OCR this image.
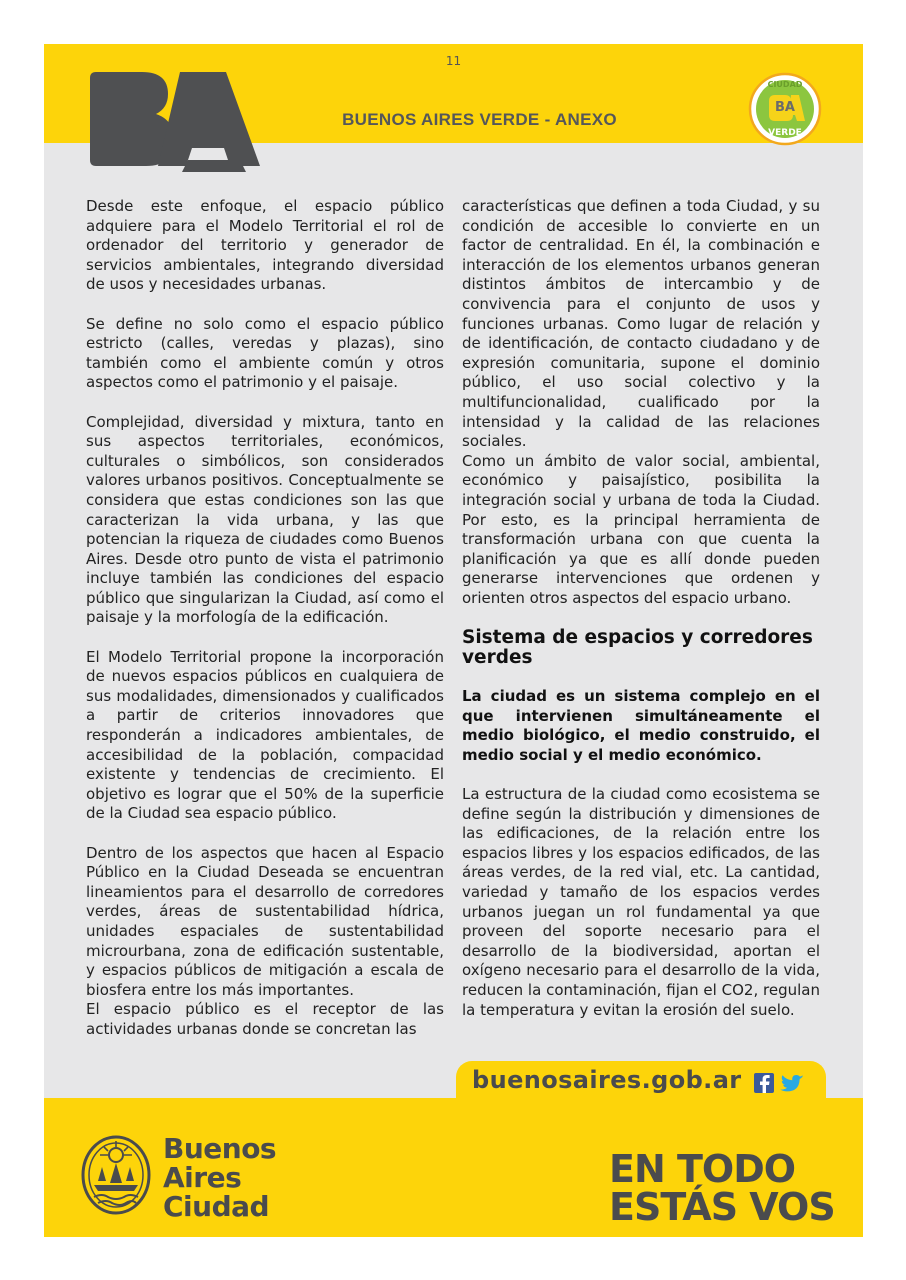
11
BUENOS AIRES VERDE - ANEXO
CIUDAD
BA
VERDE

Desde este enfoque, el espacio público adquiere para el Modelo Territorial el rol de ordenador del territorio y generador de servicios ambientales, integrando diversidad de usos y necesidades urbanas.

Se define no solo como el espacio público estricto (calles, veredas y plazas), sino también como el ambiente común y otros aspectos como el patrimonio y el paisaje.

Complejidad, diversidad y mixtura, tanto en sus aspectos territoriales, económicos, culturales o simbólicos, son considerados valores urbanos positivos. Conceptualmente se considera que estas condiciones son las que caracterizan la vida urbana, y las que potencian la riqueza de ciudades como Buenos Aires. Desde otro punto de vista el patrimonio incluye también las condiciones del espacio público que singularizan la Ciudad, así como el paisaje y la morfología de la edificación.

El Modelo Territorial propone la incorporación de nuevos espacios públicos en cualquiera de sus modalidades, dimensionados y cualificados a partir de criterios innovadores que responderán a indicadores ambientales, de accesibilidad de la población, compacidad existente y tendencias de crecimiento. El objetivo es lograr que el 50% de la superficie de la Ciudad sea espacio público.

Dentro de los aspectos que hacen al Espacio Público en la Ciudad Deseada se encuentran lineamientos para el desarrollo de corredores verdes, áreas de sustentabilidad hídrica, unidades espaciales de sustentabilidad microurbana, zona de edificación sustentable, y espacios públicos de mitigación a escala de biosfera entre los más importantes.

El espacio público es el receptor de las actividades urbanas donde se concretan las

características que definen a toda Ciudad, y su condición de accesible lo convierte en un factor de centralidad. En él, la combinación e interacción de los elementos urbanos generan distintos ámbitos de intercambio y de convivencia para el conjunto de usos y funciones urbanas. Como lugar de relación y de identificación, de contacto ciudadano y de expresión comunitaria, supone el dominio público, el uso social colectivo y la multifuncionalidad, cualificado por la intensidad y la calidad de las relaciones sociales.

Como un ámbito de valor social, ambiental, económico y paisajístico, posibilita la integración social y urbana de toda la Ciudad. Por esto, es la principal herramienta de transformación urbana con que cuenta la planificación ya que es allí donde pueden generarse intervenciones que ordenen y orienten otros aspectos del espacio urbano.

Sistema de espacios y corredores verdes

La ciudad es un sistema complejo en el que intervienen simultáneamente el medio biológico, el medio construido, el medio social y el medio económico.

La estructura de la ciudad como ecosistema se define según la distribución y dimensiones de las edificaciones, de la relación entre los espacios libres y los espacios edificados, de las áreas verdes, de la red vial, etc. La cantidad, variedad y tamaño de los espacios verdes urbanos juegan un rol fundamental ya que proveen del soporte necesario para el desarrollo de la biodiversidad, aportan el oxígeno necesario para el desarrollo de la vida, reducen la contaminación, fijan el CO2, regulan la temperatura y evitan la erosión del suelo.

buenosaires.gob.ar
Buenos
Aires
Ciudad
EN TODO
ESTÁS VOS
